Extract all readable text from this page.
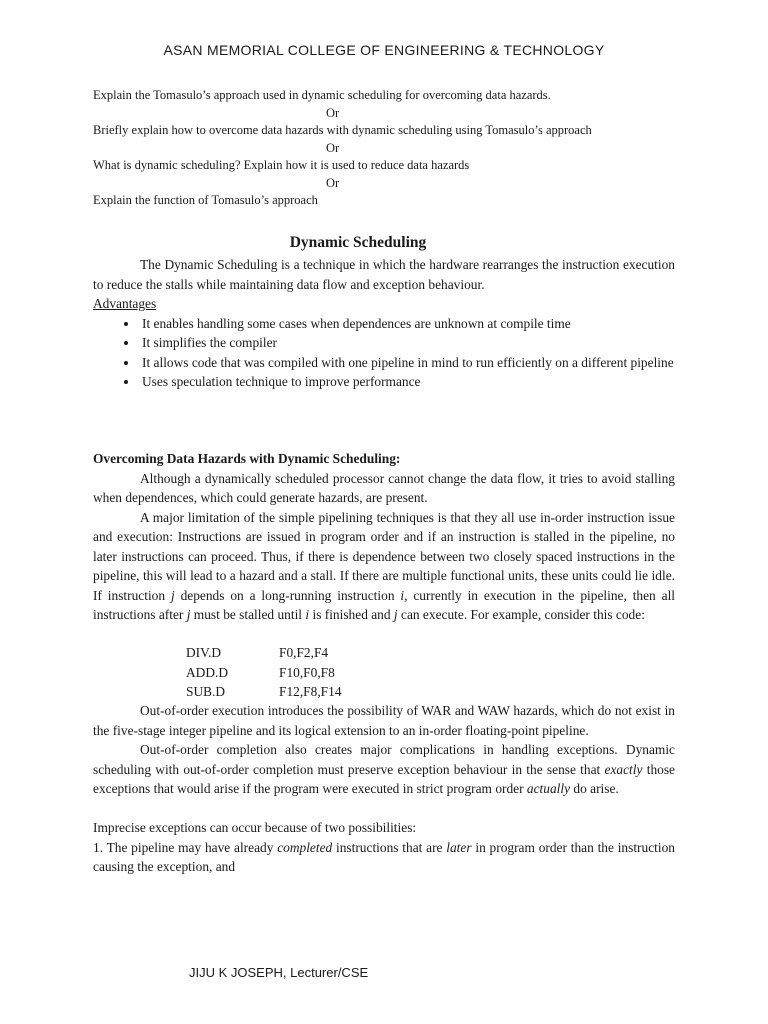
ASAN MEMORIAL COLLEGE OF ENGINEERING & TECHNOLOGY
Explain the Tomasulo’s approach used in dynamic scheduling for overcoming data hazards.
Or
Briefly explain how to overcome data hazards with dynamic scheduling using Tomasulo’s approach
Or
What is dynamic scheduling? Explain how it is used to reduce data hazards
Or
Explain the function of Tomasulo’s approach
Dynamic Scheduling

The Dynamic Scheduling is a technique in which the hardware rearranges the instruction execution to reduce the stalls while maintaining data flow and exception behaviour.

Advantages

• It enables handling some cases when dependences are unknown at compile time
• It simplifies the compiler
• It allows code that was compiled with one pipeline in mind to run efficiently on a different pipeline
• Uses speculation technique to improve performance

Overcoming Data Hazards with Dynamic Scheduling:

Although a dynamically scheduled processor cannot change the data flow, it tries to avoid stalling when dependences, which could generate hazards, are present.

A major limitation of the simple pipelining techniques is that they all use in-order instruction issue and execution: Instructions are issued in program order and if an instruction is stalled in the pipeline, no later instructions can proceed. Thus, if there is dependence between two closely spaced instructions in the pipeline, this will lead to a hazard and a stall. If there are multiple functional units, these units could lie idle. If instruction j depends on a long-running instruction i, currently in execution in the pipeline, then all instructions after j must be stalled until i is finished and j can execute. For example, consider this code:

DIV.D	F0,F2,F4
ADD.D	F10,F0,F8
SUB.D	F12,F8,F14

Out-of-order execution introduces the possibility of WAR and WAW hazards, which do not exist in the five-stage integer pipeline and its logical extension to an in-order floating-point pipeline.

Out-of-order completion also creates major complications in handling exceptions. Dynamic scheduling with out-of-order completion must preserve exception behaviour in the sense that exactly those exceptions that would arise if the program were executed in strict program order actually do arise.

Imprecise exceptions can occur because of two possibilities:

1. The pipeline may have already completed instructions that are later in program order than the instruction causing the exception, and

JIJU K JOSEPH, Lecturer/CSE
